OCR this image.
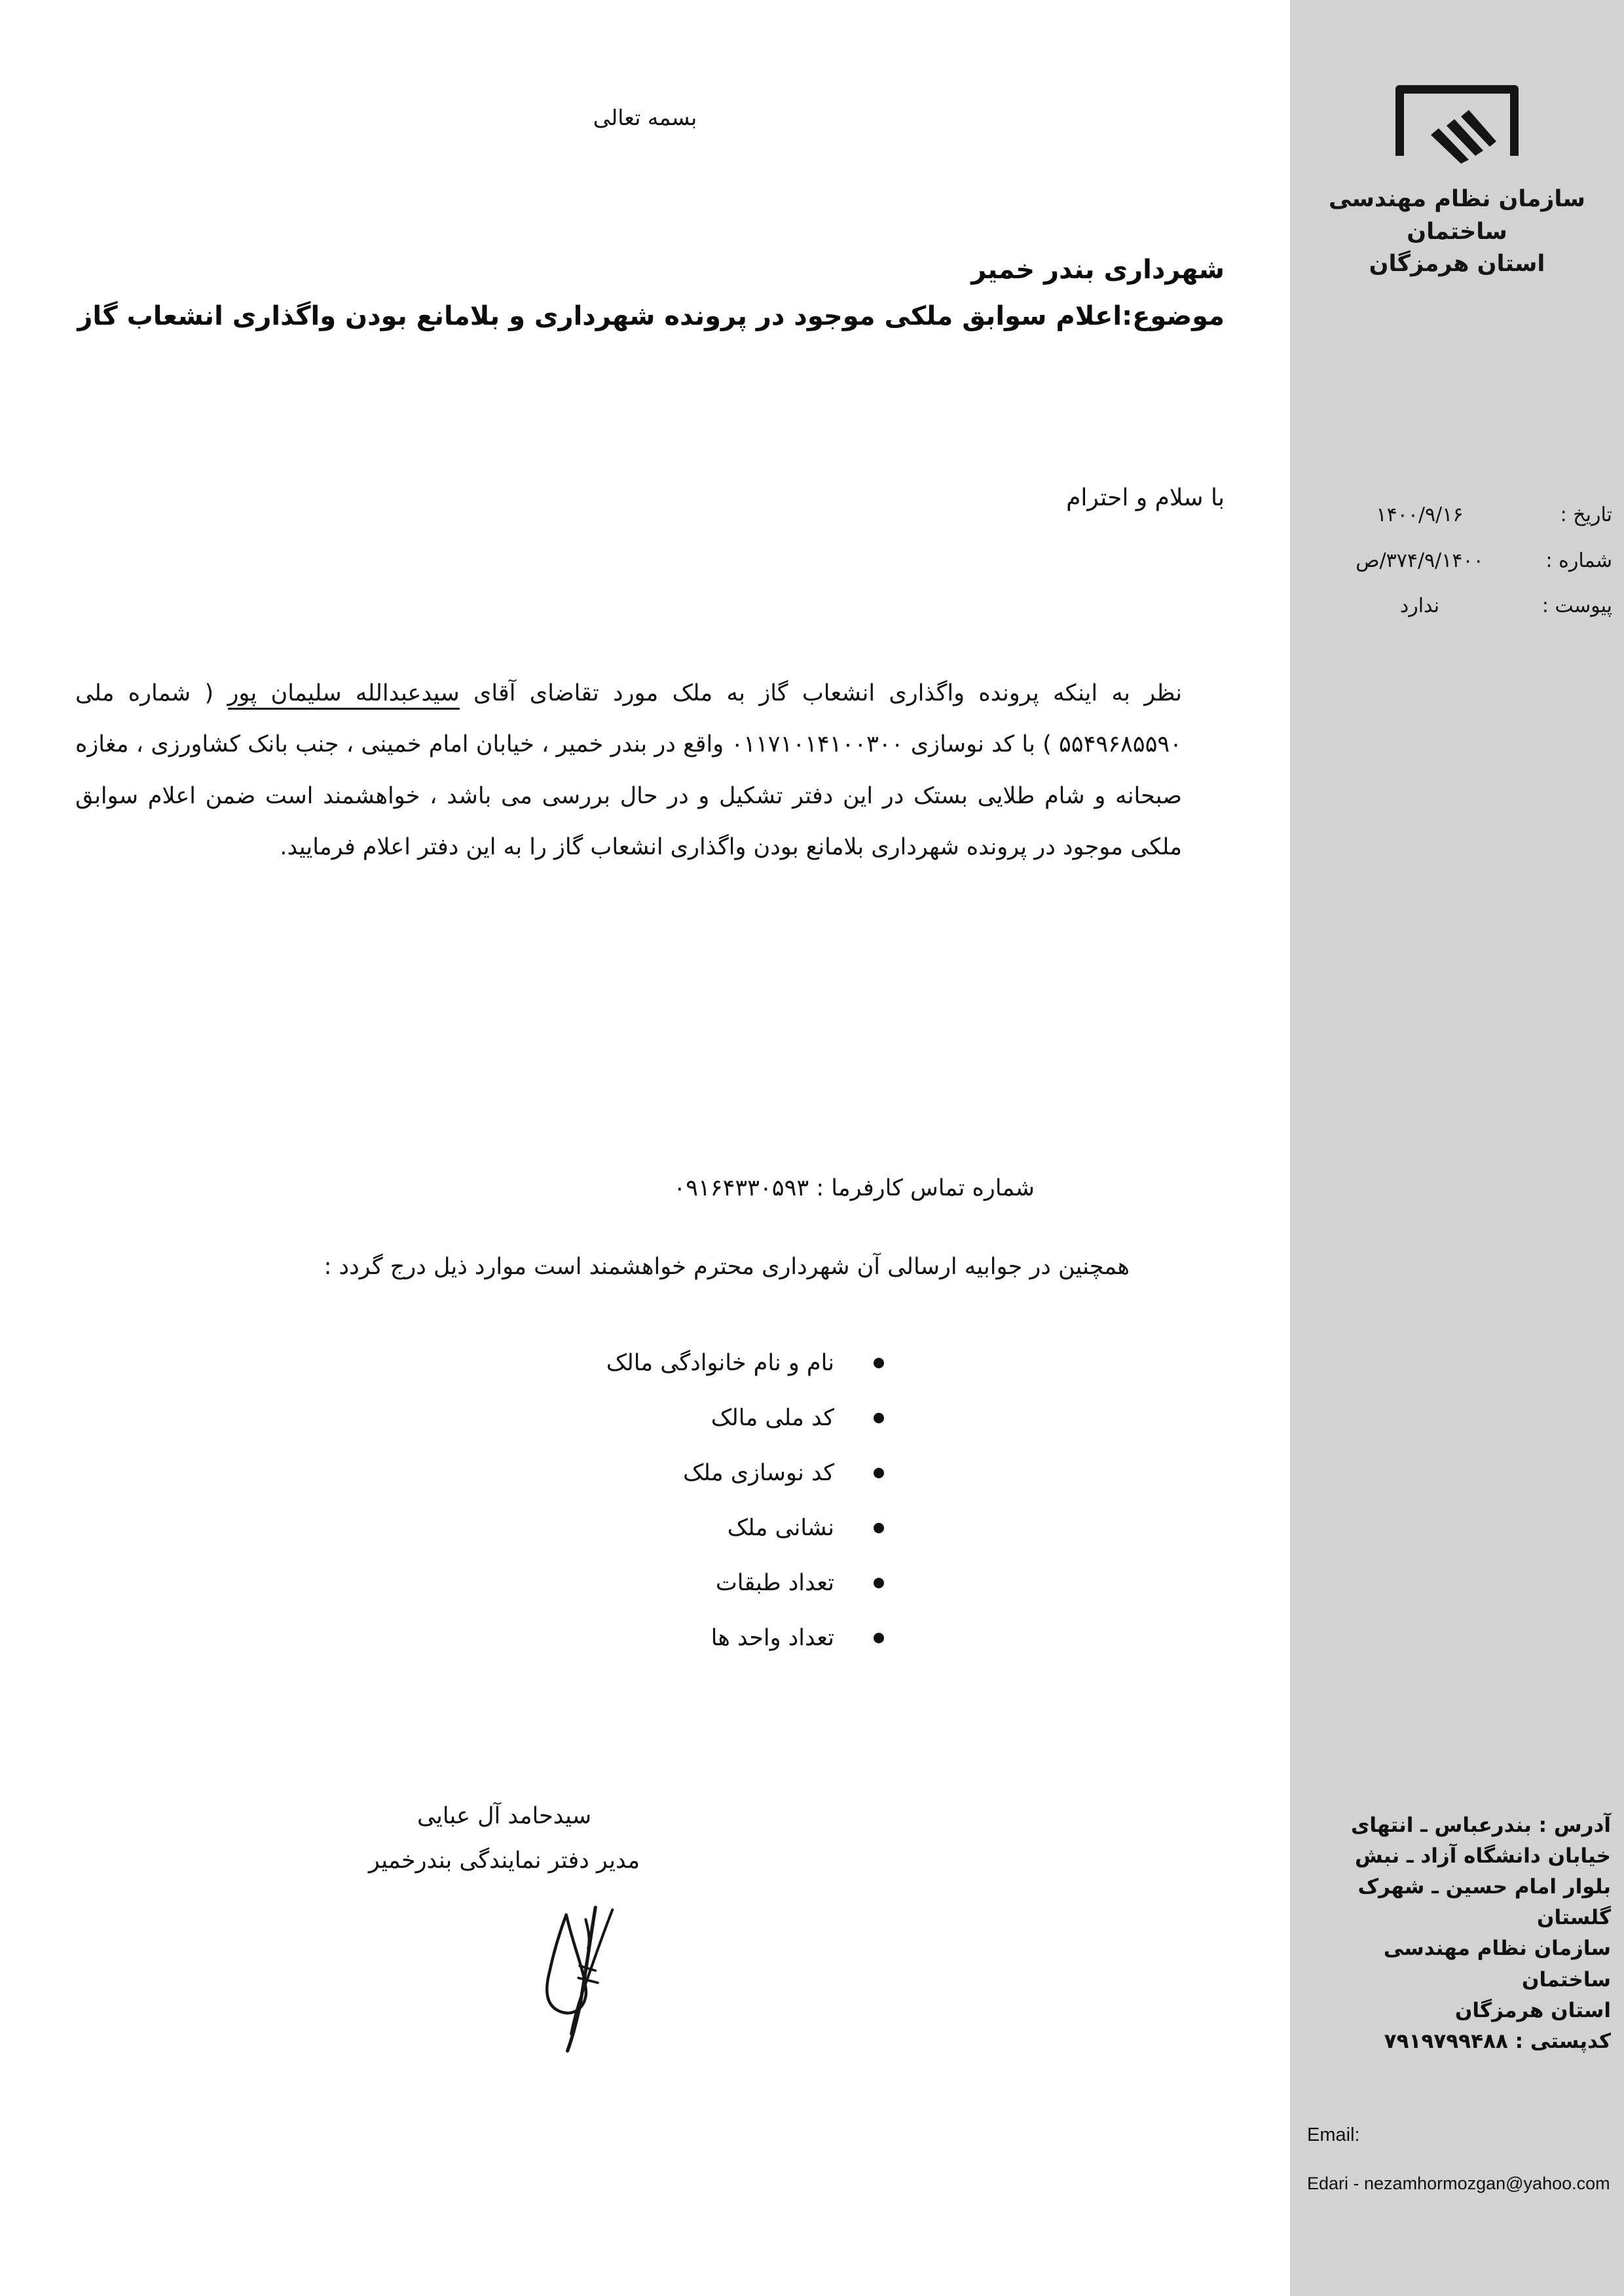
بسمه تعالی
شهرداری بندر خمیر
موضوع:اعلام سوابق ملکی موجود در پرونده شهرداری و بلامانع بودن واگذاری انشعاب گاز
با سلام و احترام
نظر به اینکه پرونده واگذاری انشعاب گاز به ملک مورد تقاضای آقای سیدعبدالله سلیمان پور ( شماره ملی ۵۵۴۹۶۸۵۵۹۰ ) با کد نوسازی ۰۱۱۷۱۰۱۴۱۰۰۳۰۰ واقع در بندر خمیر ، خیابان امام خمینی ، جنب بانک کشاورزی ، مغازه صبحانه و شام طلایی بستک در این دفتر تشکیل و در حال بررسی می باشد ، خواهشمند است ضمن اعلام سوابق ملکی موجود در پرونده شهرداری بلامانع بودن واگذاری انشعاب گاز را به این دفتر اعلام فرمایید.
شماره تماس کارفرما : ۰۹۱۶۴۳۳۰۵۹۳
همچنین در جوابیه ارسالی آن شهرداری محترم خواهشمند است موارد ذیل درج گردد :
نام و نام خانوادگی مالک
کد ملی مالک
کد نوسازی ملک
نشانی ملک
تعداد طبقات
تعداد واحد ها
سیدحامد آل عبایی
مدیر دفتر نمایندگی بندرخمیر
سازمان نظام مهندسی ساختمان
استان هرمزگان
تاریخ :
۱۴۰۰/۹/۱۶
شماره :
۳۷۴/۹/۱۴۰۰/ص
پیوست :
ندارد
آدرس : بندرعباس ـ انتهای
خیابان دانشگاه آزاد ـ نبش
بلوار امام حسین ـ شهرک
گلستان
سازمان نظام مهندسی ساختمان
استان هرمزگان
کدپستی : ۷۹۱۹۷۹۹۴۸۸
Email:
Edari - nezamhormozgan@yahoo.com
